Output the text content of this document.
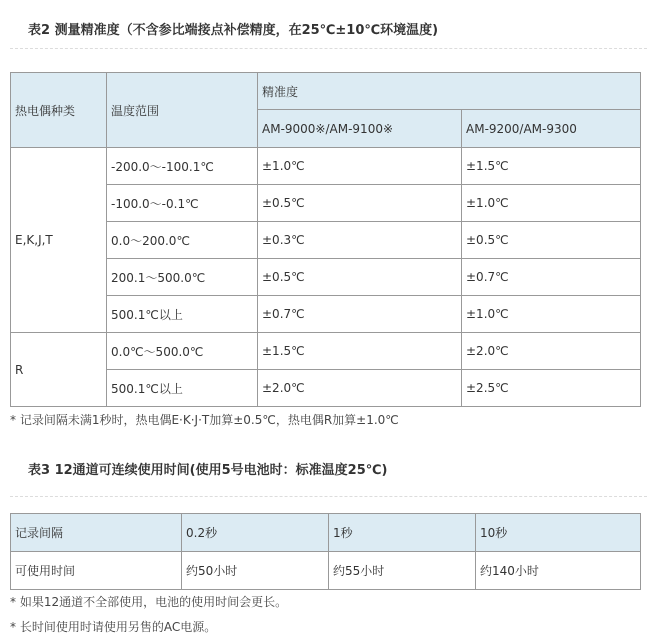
表2 测量精准度（不含参比端接点补偿精度，在25℃±10℃环境温度)
热电偶种类	温度范围	精准度	
		AM-9000※/AM-9100※	AM-9200/AM-9300
E,K,J,T	-200.0～-100.1℃	±1.0℃	±1.5℃
	-100.0～-0.1℃	±0.5℃	±1.0℃
	0.0～200.0℃	±0.3℃	±0.5℃
	200.1～500.0℃	±0.5℃	±0.7℃
	500.1℃以上	±0.7℃	±1.0℃
R	0.0℃～500.0℃	±1.5℃	±2.0℃
	500.1℃以上	±2.0℃	±2.5℃
* 记录间隔未满1秒时，热电偶E·K·J·T加算±0.5℃，热电偶R加算±1.0℃
表3 12通道可连续使用时间(使用5号电池时：标准温度25℃)
记录间隔	0.2秒	1秒	10秒
可使用时间	约50小时	约55小时	约140小时
* 如果12通道不全部使用，电池的使用时间会更长。
* 长时间使用时请使用另售的AC电源。
